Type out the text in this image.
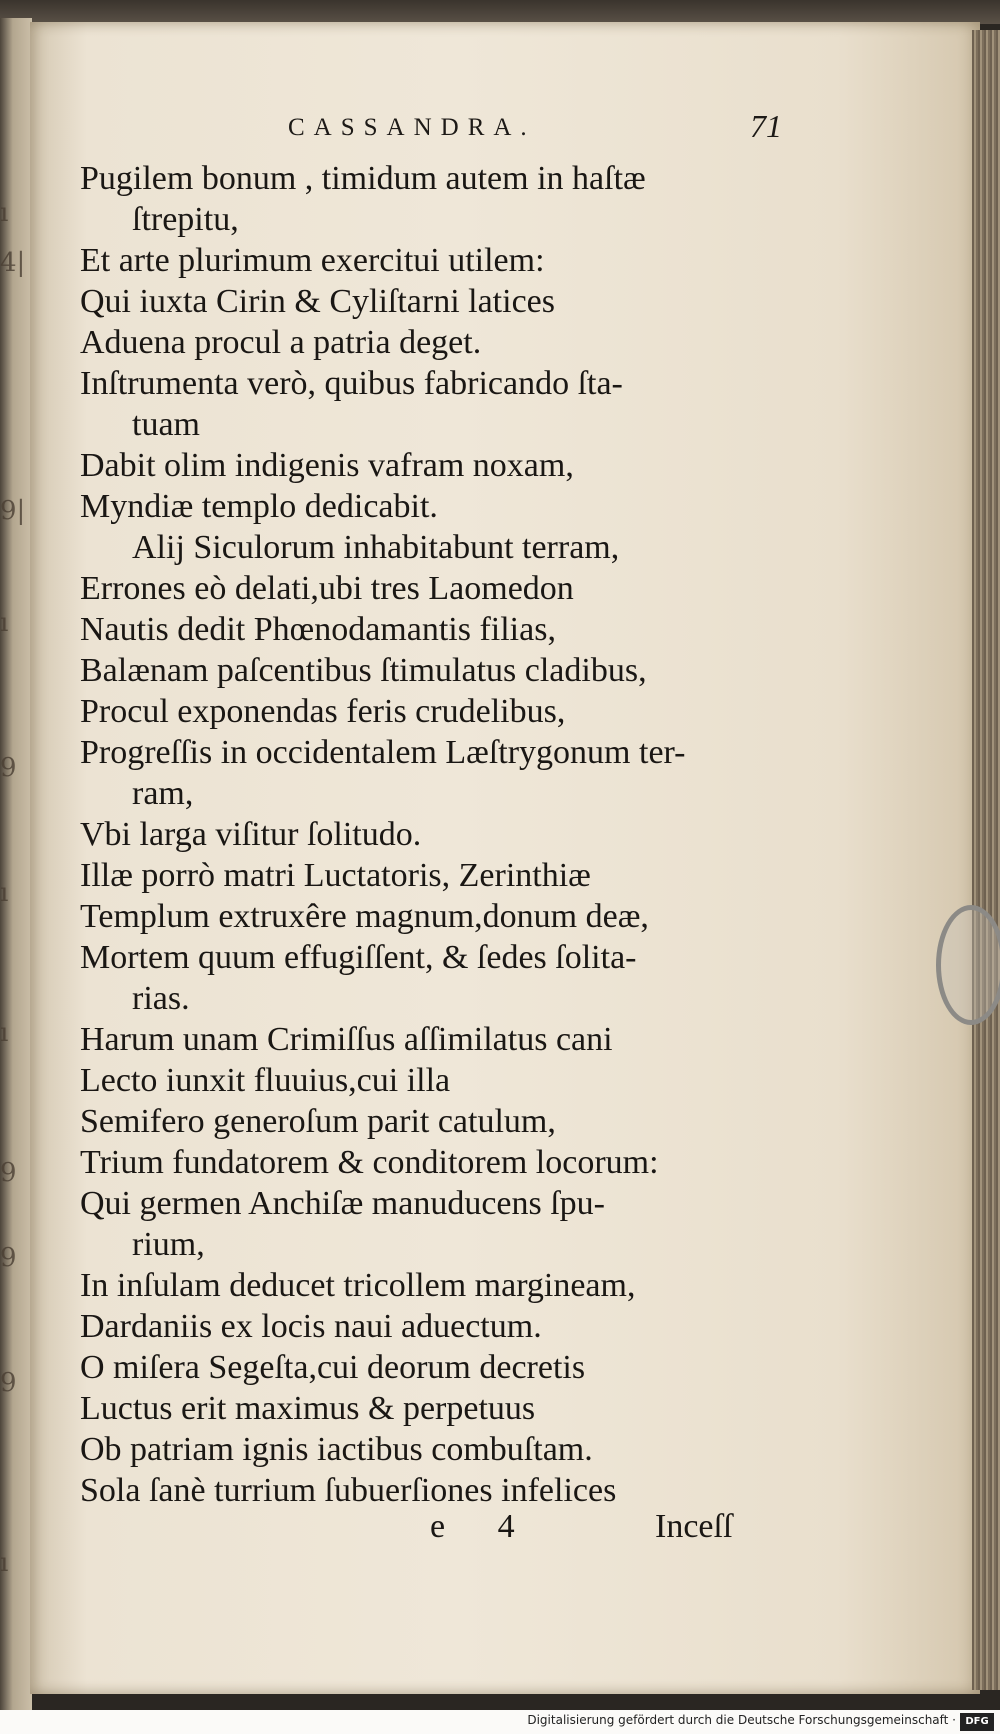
ı
4|
9|
ı
9
ı
ı
9
9
9
ı
CASSANDRA.	71
Pugilem bonum , timidum autem in haſtæ
ſtrepitu,
Et arte plurimum exercitui utilem:
Qui iuxta Cirin & Cyliſtarni latices
Aduena procul a patria deget.
Inſtrumenta verò, quibus fabricando ſta-
tuam
Dabit olim indigenis vafram noxam,
Myndiæ templo dedicabit.
Alij Siculorum inhabitabunt terram,
Errones eò delati,ubi tres Laomedon
Nautis dedit Phœnodamantis filias,
Balænam paſcentibus ſtimulatus cladibus,
Procul exponendas feris crudelibus,
Progreſſis in occidentalem Læſtrygonum ter-
ram,
Vbi larga viſitur ſolitudo.
Illæ porrò matri Luctatoris, Zerinthiæ
Templum extruxêre magnum,donum deæ,
Mortem quum effugiſſent, & ſedes ſolita-
rias.
Harum unam Crimiſſus aſſimilatus cani
Lecto iunxit fluuius,cui illa
Semifero generoſum parit catulum,
Trium fundatorem & conditorem locorum:
Qui germen Anchiſæ manuducens ſpu-
rium,
In inſulam deducet tricollem margineam,
Dardaniis ex locis naui aduectum.
O miſera Segeſta,cui deorum decretis
Luctus erit maximus & perpetuus
Ob patriam ignis iactibus combuſtam.
Sola ſanè turrium ſubuerſiones infelices
e 4	Inceſſ
Digitalisierung gefördert durch die Deutsche Forschungsgemeinschaft · DFG
